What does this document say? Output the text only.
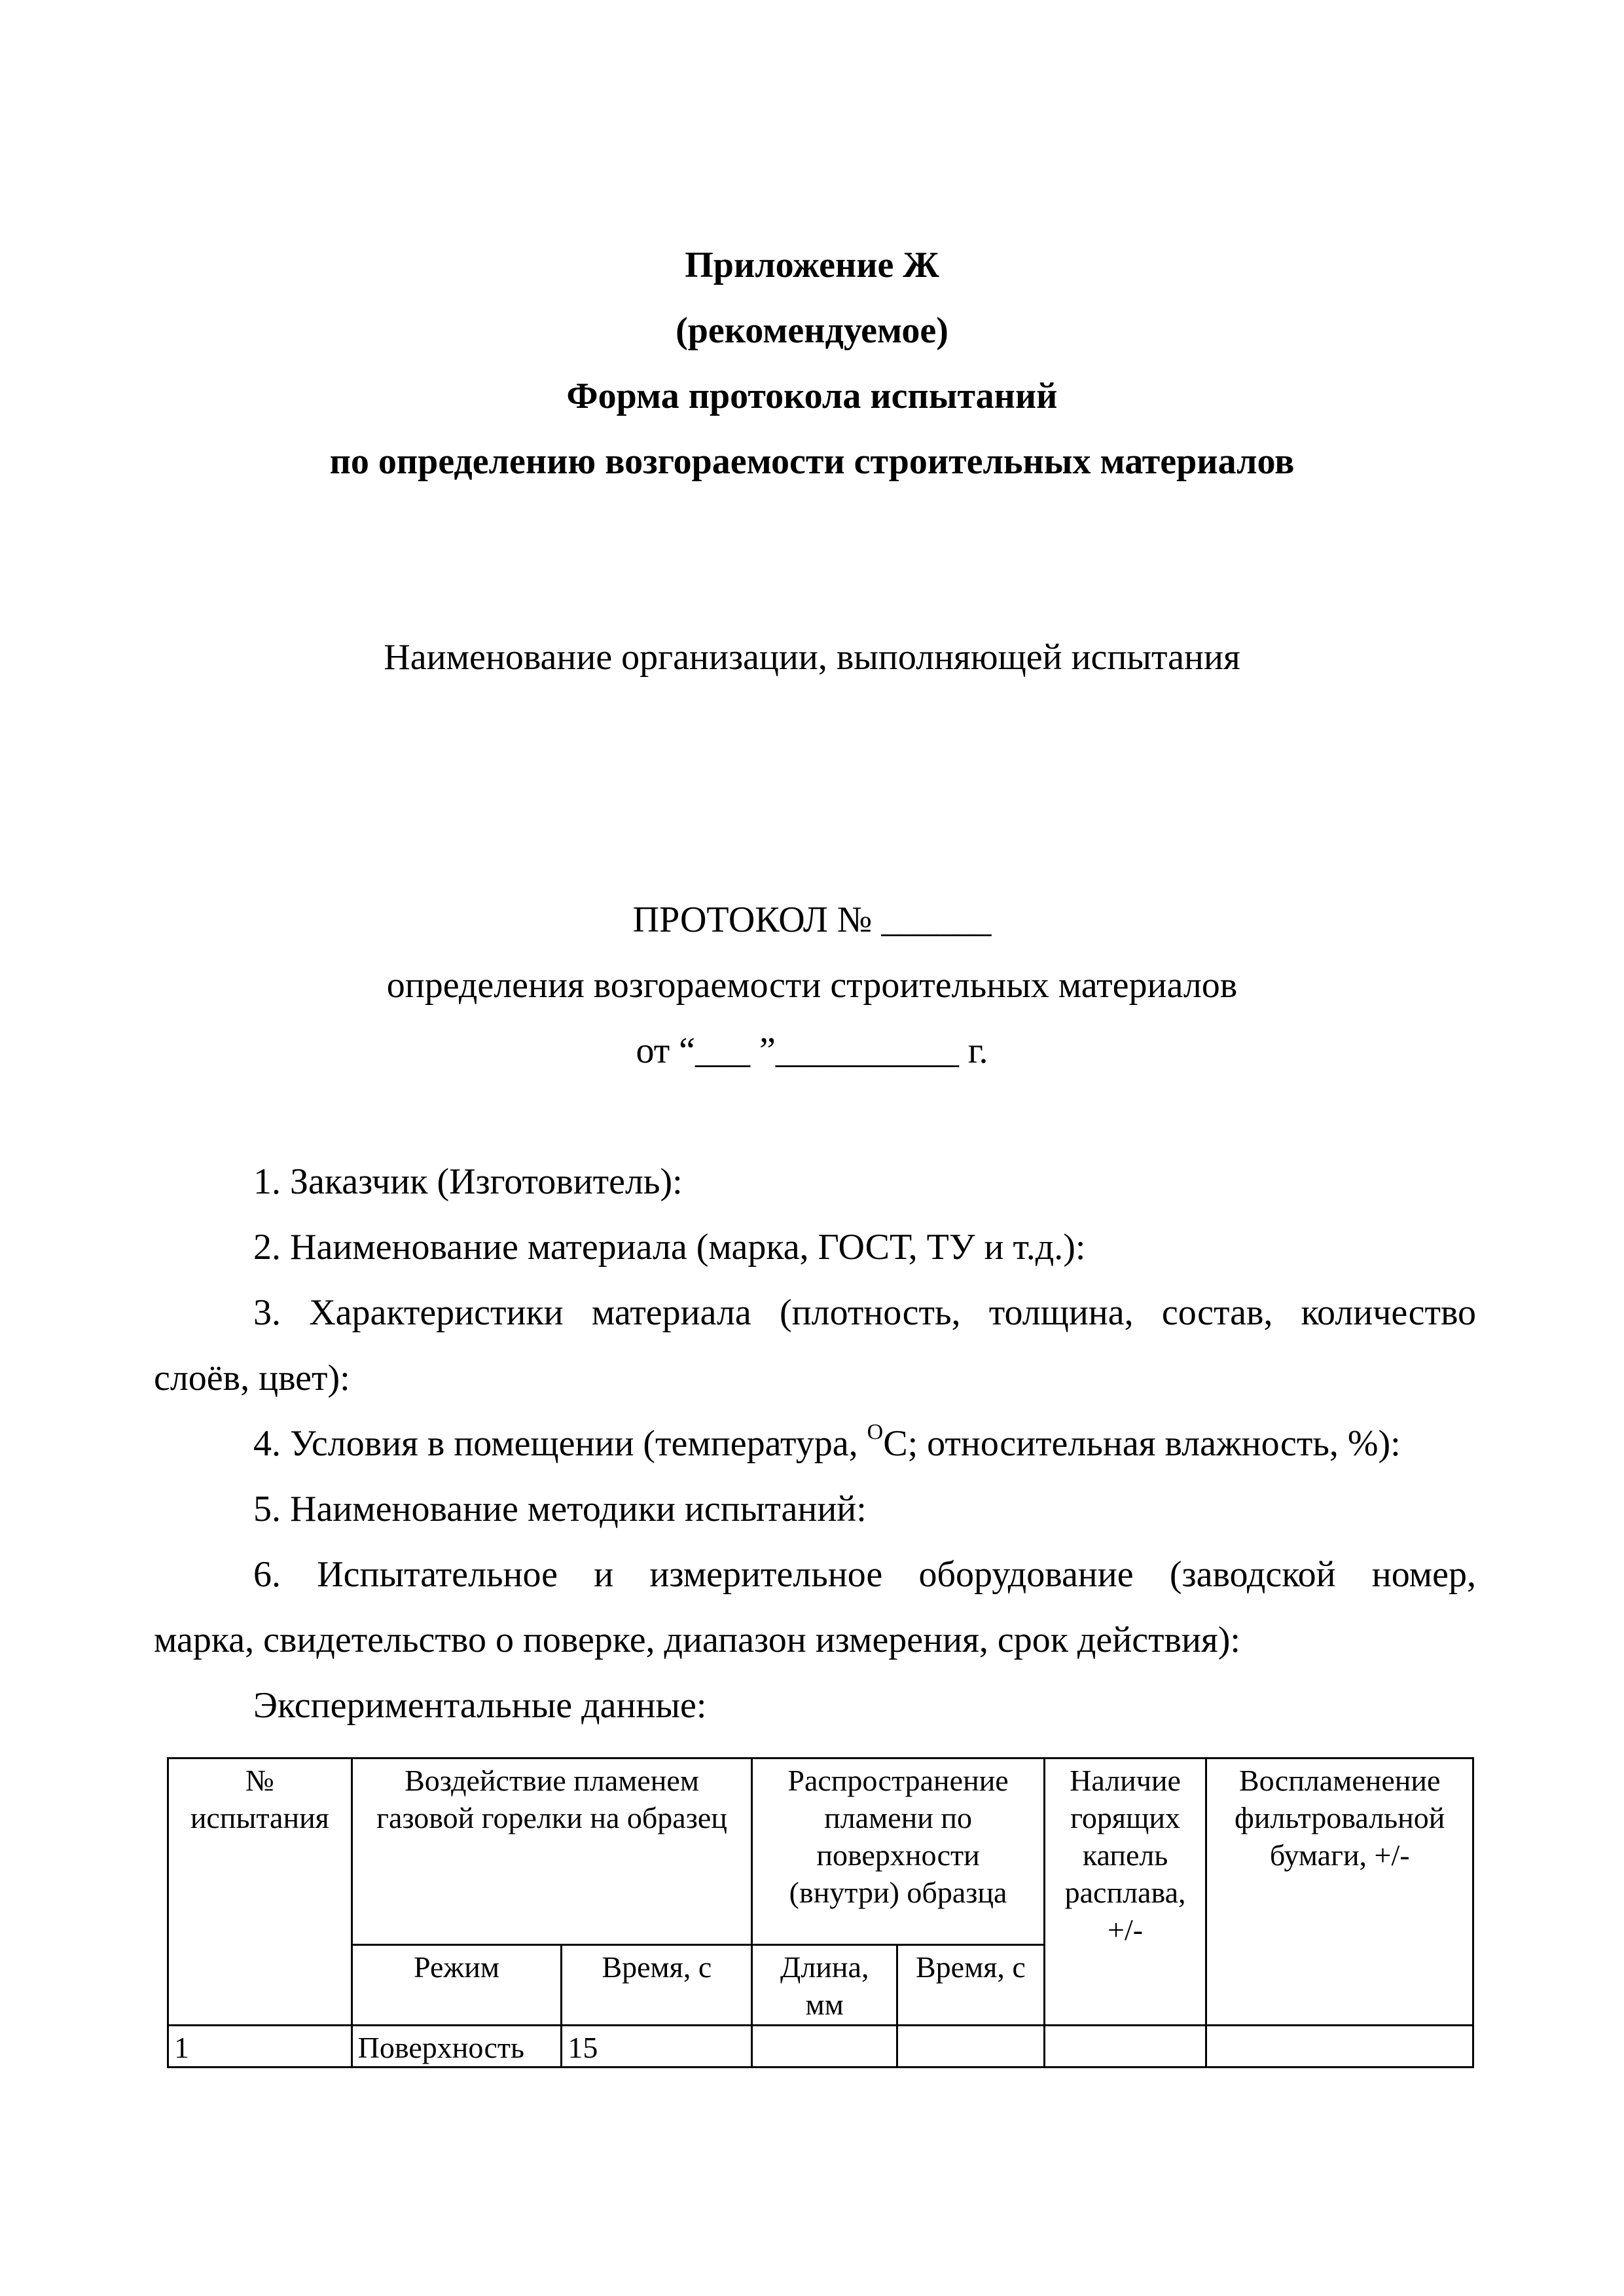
Приложение Ж
(рекомендуемое)
Форма протокола испытаний
по определению возгораемости строительных материалов
Наименование организации, выполняющей испытания
ПРОТОКОЛ № ______
определения возгораемости строительных материалов
от “___ ”__________ г.
1. Заказчик (Изготовитель):
2. Наименование материала (марка, ГОСТ, ТУ и т.д.):
3. Характеристики материала (плотность, толщина, состав, количество
слоёв, цвет):
4. Условия в помещении (температура, $^О$С; относительная влажность, %):
5. Наименование методики испытаний:
6. Испытательное и измерительное оборудование (заводской номер,
марка, свидетельство о поверке, диапазон измерения, срок действия):
Экспериментальные данные:
№ испытания	Воздействие пламенем газовой горелки на образец		Распространение пламени по поверхности (внутри) образца		Наличие горящих капель расплава, +/-	Воспламенение фильтровальной бумаги, +/-
	Режим	Время, с	Длина, мм	Время, с		
1	Поверхность	15				
